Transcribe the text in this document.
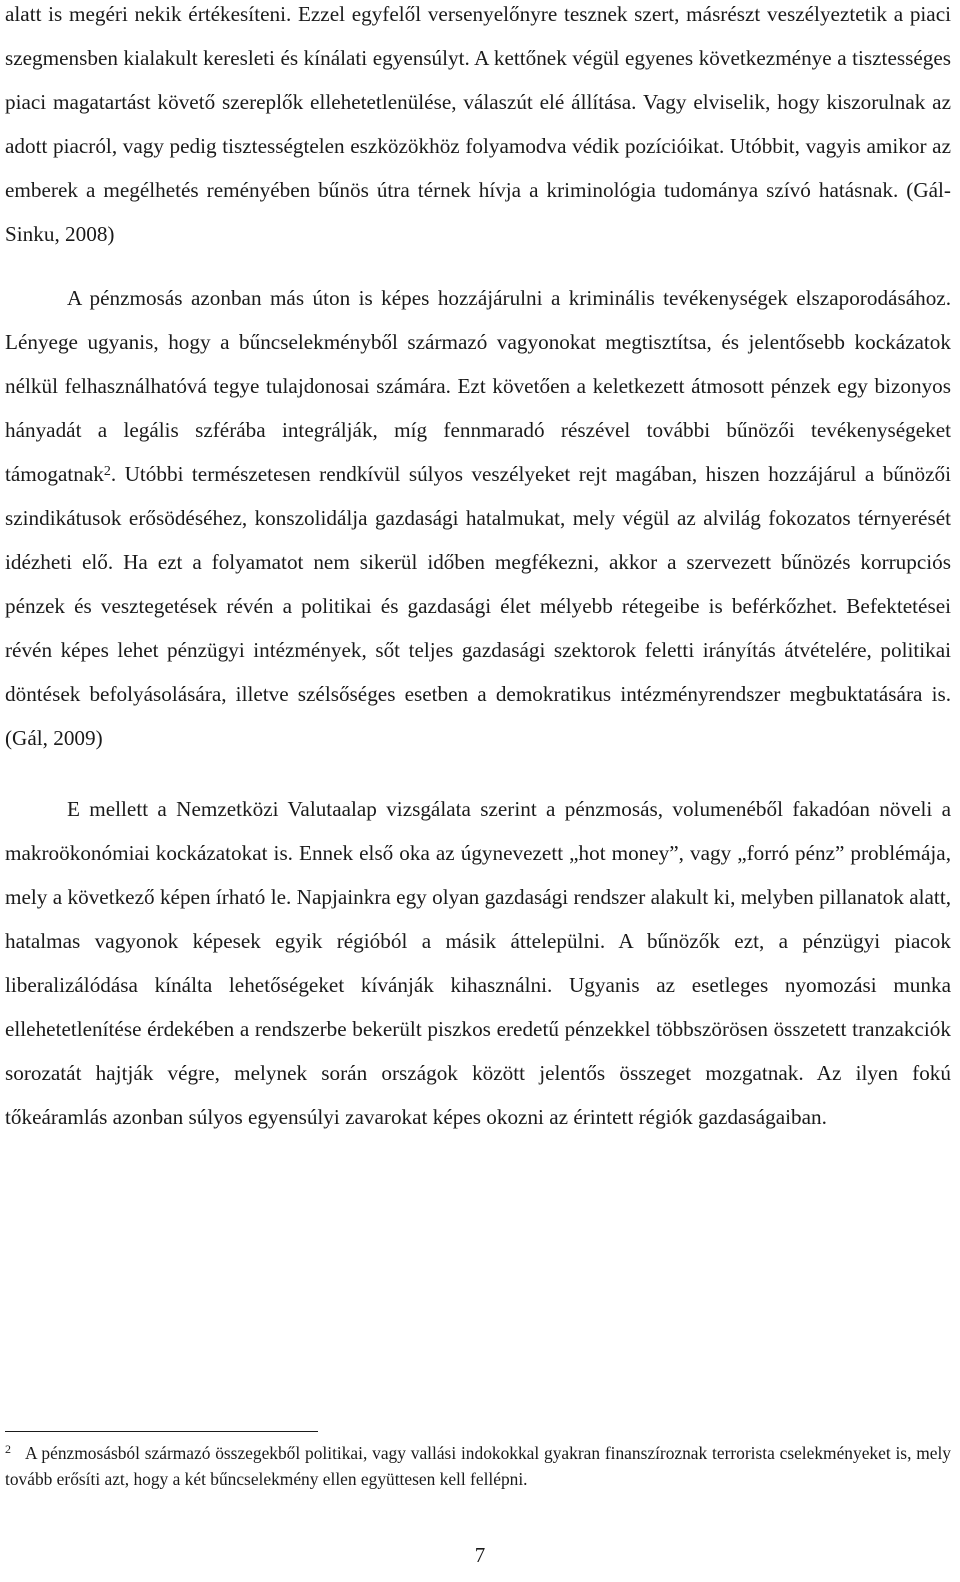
alatt is megéri nekik értékesíteni. Ezzel egyfelől versenyelőnyre tesznek szert, másrészt veszélyeztetik a piaci szegmensben kialakult keresleti és kínálati egyensúlyt. A kettőnek végül egyenes következménye a tisztességes piaci magatartást követő szereplők ellehetetlenülése, válaszút elé állítása. Vagy elviselik, hogy kiszorulnak az adott piacról, vagy pedig tisztességtelen eszközökhöz folyamodva védik pozícióikat. Utóbbit, vagyis amikor az emberek a megélhetés reményében bűnös útra térnek hívja a kriminológia tudománya szívó hatásnak. (Gál-Sinku, 2008)

A pénzmosás azonban más úton is képes hozzájárulni a kriminális tevékenységek elszaporodásához. Lényege ugyanis, hogy a bűncselekményből származó vagyonokat megtisztítsa, és jelentősebb kockázatok nélkül felhasználhatóvá tegye tulajdonosai számára. Ezt követően a keletkezett átmosott pénzek egy bizonyos hányadát a legális szférába integrálják, míg fennmaradó részével további bűnözői tevékenységeket támogatnak$^2$. Utóbbi természetesen rendkívül súlyos veszélyeket rejt magában, hiszen hozzájárul a bűnözői szindikátusok erősödéséhez, konszolidálja gazdasági hatalmukat, mely végül az alvilág fokozatos térnyerését idézheti elő. Ha ezt a folyamatot nem sikerül időben megfékezni, akkor a szervezett bűnözés korrupciós pénzek és vesztegetések révén a politikai és gazdasági élet mélyebb rétegeibe is beférkőzhet. Befektetései révén képes lehet pénzügyi intézmények, sőt teljes gazdasági szektorok feletti irányítás átvételére, politikai döntések befolyásolására, illetve szélsőséges esetben a demokratikus intézményrendszer megbuktatására is. (Gál, 2009)

E mellett a Nemzetközi Valutaalap vizsgálata szerint a pénzmosás, volumenéből fakadóan növeli a makroökonómiai kockázatokat is. Ennek első oka az úgynevezett „hot money”, vagy „forró pénz” problémája, mely a következő képen írható le. Napjainkra egy olyan gazdasági rendszer alakult ki, melyben pillanatok alatt, hatalmas vagyonok képesek egyik régióból a másik áttelepülni. A bűnözők ezt, a pénzügyi piacok liberalizálódása kínálta lehetőségeket kívánják kihasználni. Ugyanis az esetleges nyomozási munka ellehetetlenítése érdekében a rendszerbe bekerült piszkos eredetű pénzekkel többszörösen összetett tranzakciók sorozatát hajtják végre, melynek során országok között jelentős összeget mozgatnak. Az ilyen fokú tőkeáramlás azonban súlyos egyensúlyi zavarokat képes okozni az érintett régiók gazdaságaiban.

$^2$ A pénzmosásból származó összegekből politikai, vagy vallási indokokkal gyakran finanszíroznak terrorista cselekményeket is, mely tovább erősíti azt, hogy a két bűncselekmény ellen együttesen kell fellépni.

7
